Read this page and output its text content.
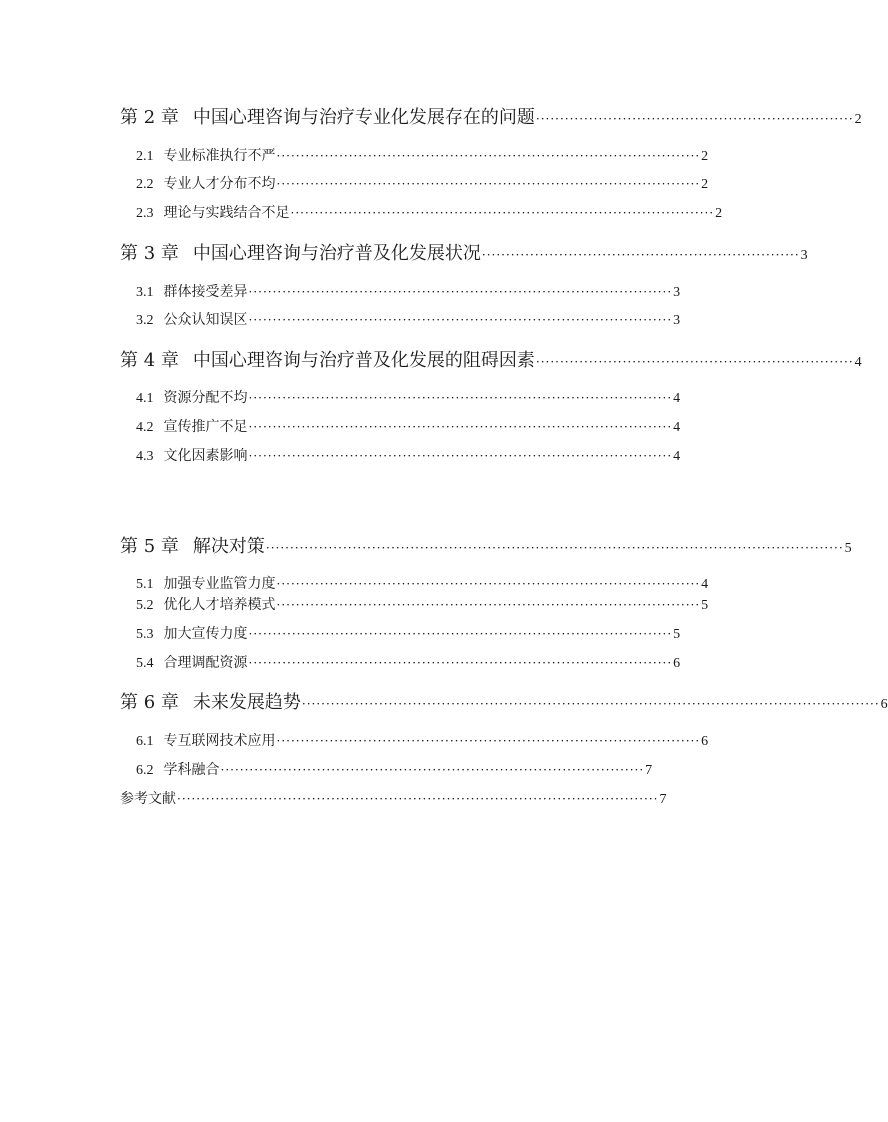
第 2 章 中国心理咨询与治疗专业化发展存在的问题 ·································································· 2
2.1 专业标准执行不严 ························································································ 2
2.2 专业人才分布不均 ························································································ 2
2.3 理论与实践结合不足 ························································································ 2
第 3 章 中国心理咨询与治疗普及化发展状况 ·································································· 3
3.1 群体接受差异 ························································································ 3
3.2 公众认知误区 ························································································ 3
第 4 章 中国心理咨询与治疗普及化发展的阻碍因素 ·································································· 4
4.1 资源分配不均 ························································································ 4
4.2 宣传推广不足 ························································································ 4
4.3 文化因素影响 ························································································ 4
第 5 章 解决对策 ························································································································ 5
5.1 加强专业监管力度 ························································································ 4
5.2 优化人才培养模式 ························································································ 5
5.3 加大宣传力度 ························································································ 5
5.4 合理调配资源 ························································································ 6
第 6 章 未来发展趋势 ························································································································ 6
6.1 专互联网技术应用 ························································································ 6
6.2 学科融合 ························································································ 7
参考文献 ···································································································· 7
